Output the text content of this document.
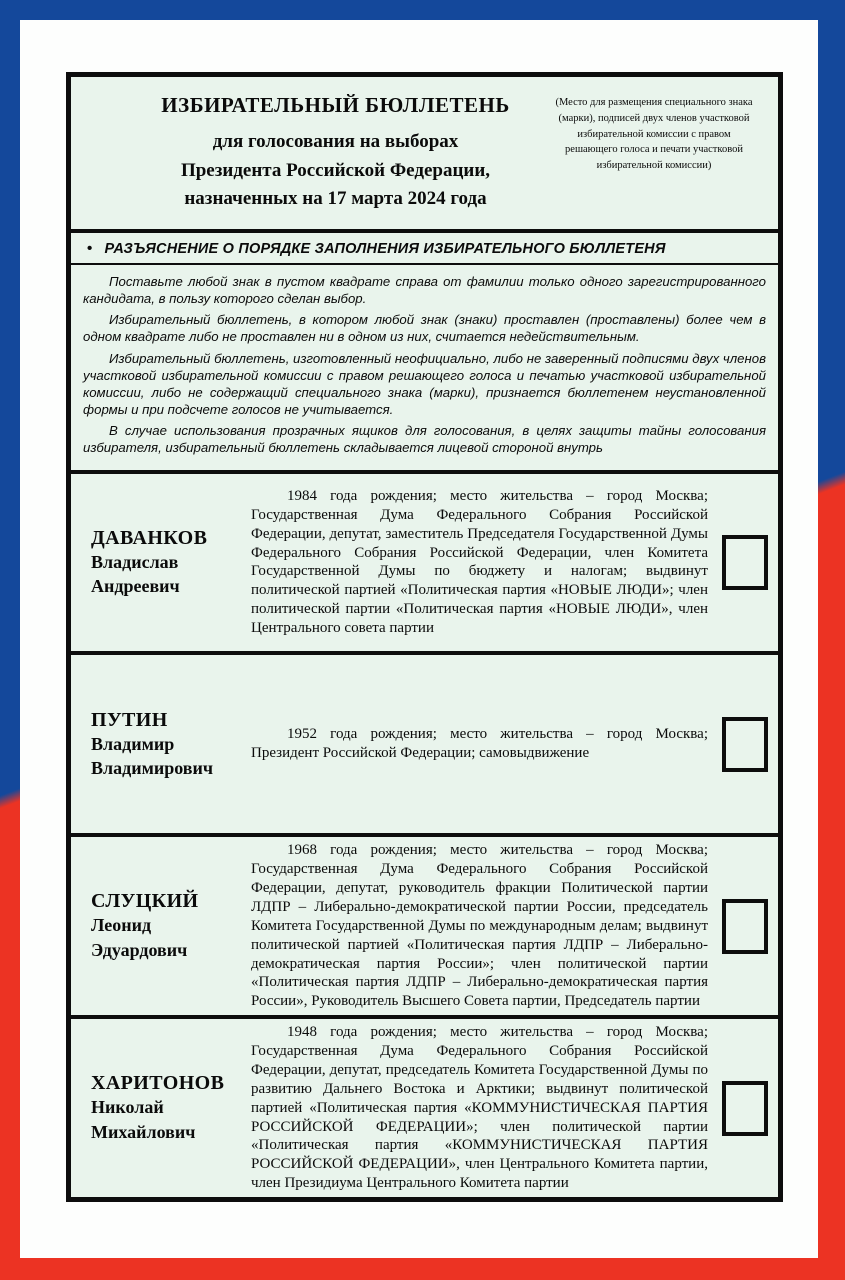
ИЗБИРАТЕЛЬНЫЙ БЮЛЛЕТЕНЬ
для голосования на выборах
Президента Российской Федерации,
назначенных на 17 марта 2024 года
(Место для размещения специального знака (марки), подписей двух членов участковой избирательной комиссии с правом решающего голоса и печати участковой избирательной комиссии)
• РАЗЪЯСНЕНИЕ О ПОРЯДКЕ ЗАПОЛНЕНИЯ ИЗБИРАТЕЛЬНОГО БЮЛЛЕТЕНЯ

Поставьте любой знак в пустом квадрате справа от фамилии только одного зарегистрированного кандидата, в пользу которого сделан выбор.

Избирательный бюллетень, в котором любой знак (знаки) проставлен (проставлены) более чем в одном квадрате либо не проставлен ни в одном из них, считается недействительным.

Избирательный бюллетень, изготовленный неофициально, либо не заверенный подписями двух членов участковой избирательной комиссии с правом решающего голоса и печатью участковой избирательной комиссии, либо не содержащий специального знака (марки), признается бюллетенем неустановленной формы и при подсчете голосов не учитывается.

В случае использования прозрачных ящиков для голосования, в целях защиты тайны голосования избирателя, избирательный бюллетень складывается лицевой стороной внутрь

ДАВАНКОВ
Владислав
Андреевич
1984 года рождения; место жительства – город Москва; Государственная Дума Федерального Собрания Российской Федерации, депутат, заместитель Председателя Государственной Думы Федерального Собрания Российской Федерации, член Комитета Государственной Думы по бюджету и налогам; выдвинут политической партией «Политическая партия «НОВЫЕ ЛЮДИ»; член политической партии «Политическая партия «НОВЫЕ ЛЮДИ», член Центрального совета партии
ПУТИН
Владимир
Владимирович
1952 года рождения; место жительства – город Москва; Президент Российской Федерации; самовыдвижение
СЛУЦКИЙ
Леонид
Эдуардович
1968 года рождения; место жительства – город Москва; Государственная Дума Федерального Собрания Российской Федерации, депутат, руководитель фракции Политической партии ЛДПР – Либерально-демократической партии России, председатель Комитета Государственной Думы по международным делам; выдвинут политической партией «Политическая партия ЛДПР – Либерально-демократическая партия России»; член политической партии «Политическая партия ЛДПР – Либерально-демократическая партия России», Руководитель Высшего Совета партии, Председатель партии
ХАРИТОНОВ
Николай
Михайлович
1948 года рождения; место жительства – город Москва; Государственная Дума Федерального Собрания Российской Федерации, депутат, председатель Комитета Государственной Думы по развитию Дальнего Востока и Арктики; выдвинут политической партией «Политическая партия «КОММУНИСТИЧЕСКАЯ ПАРТИЯ РОССИЙСКОЙ ФЕДЕРАЦИИ»; член политической партии «Политическая партия «КОММУНИСТИЧЕСКАЯ ПАРТИЯ РОССИЙСКОЙ ФЕДЕРАЦИИ», член Центрального Комитета партии, член Президиума Центрального Комитета партии
